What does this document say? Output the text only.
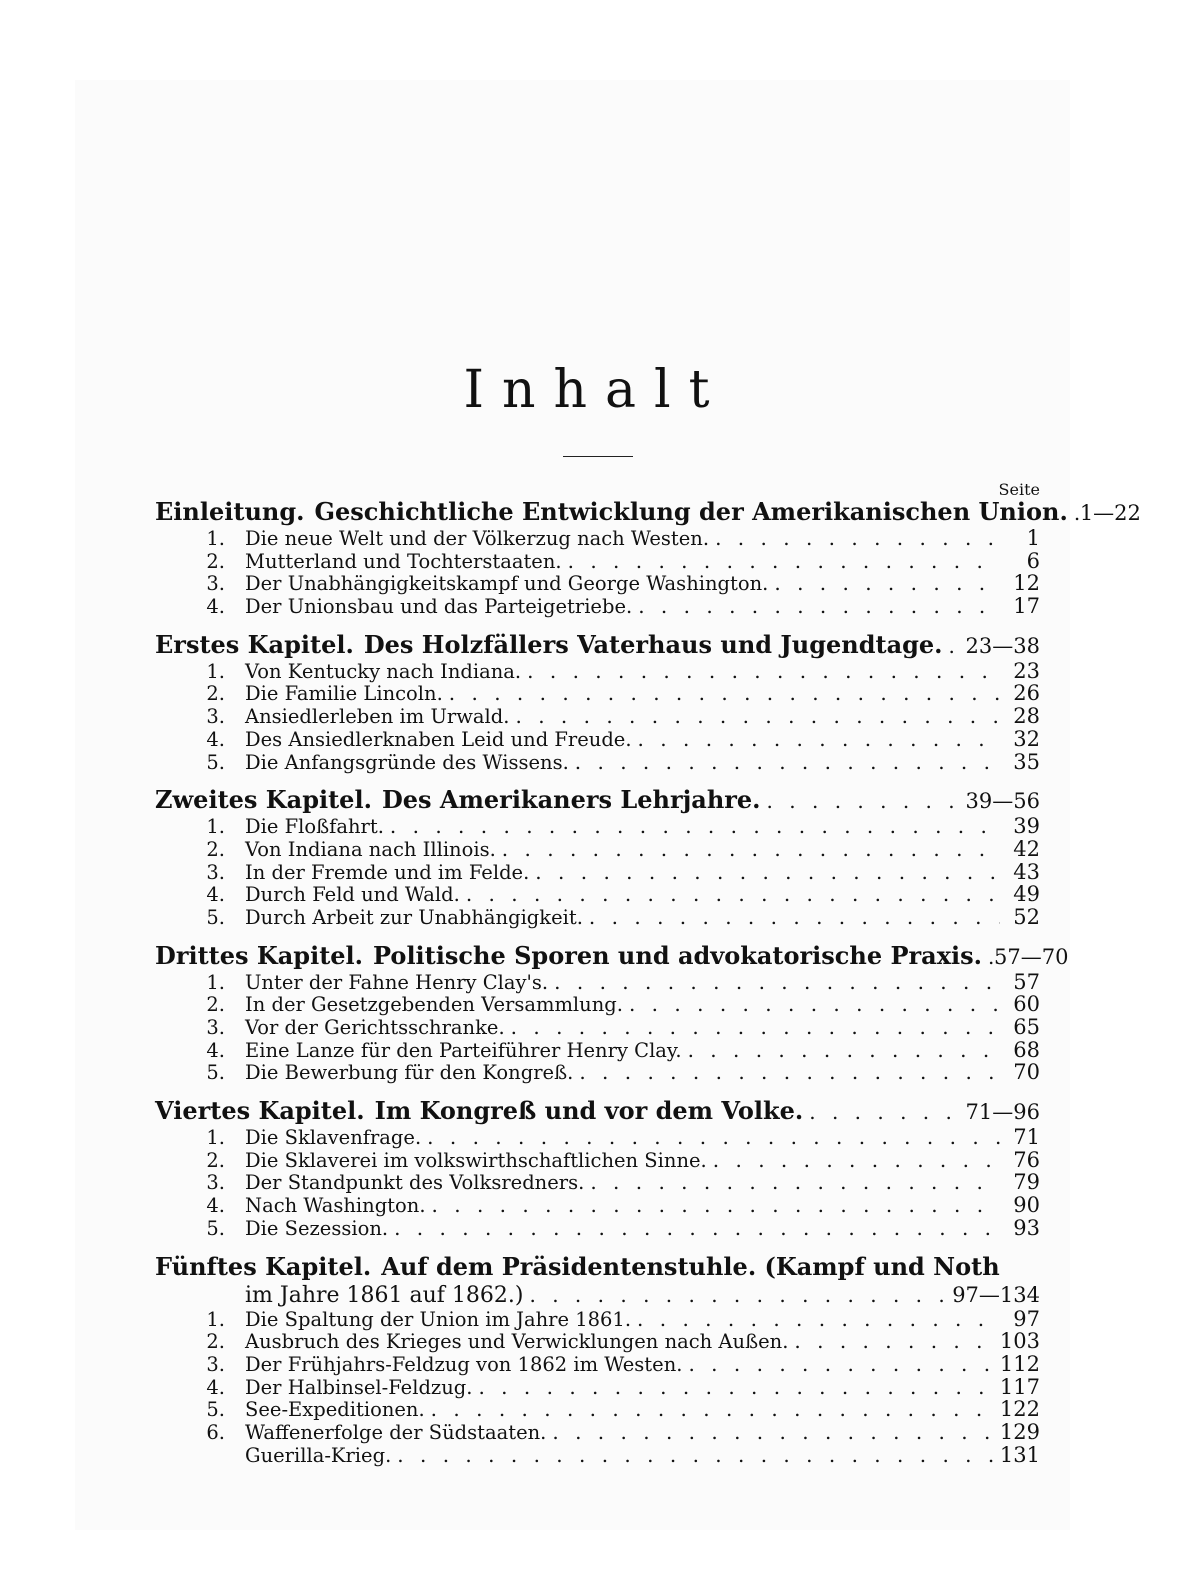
Inhalt
Seite
Einleitung. Geschichtliche Entwicklung der Amerikanischen Union. . . . 1—22
1.	Die neue Welt und der Völkerzug nach Westen. . . .	1
2.	Mutterland und Tochterstaaten. . . .	6
3.	Der Unabhängigkeitskampf und George Washington. . . .	12
4.	Der Unionsbau und das Parteigetriebe. . . .	17
Erstes Kapitel. Des Holzfällers Vaterhaus und Jugendtage. . . . 23—38
1.	Von Kentucky nach Indiana. . . .	23
2.	Die Familie Lincoln. . . .	26
3.	Ansiedlerleben im Urwald. . . .	28
4.	Des Ansiedlerknaben Leid und Freude. . . .	32
5.	Die Anfangsgründe des Wissens. . . .	35
Zweites Kapitel. Des Amerikaners Lehrjahre. . . .	39—56
1.	Die Floßfahrt. . . .	39
2.	Von Indiana nach Illinois. . . .	42
3.	In der Fremde und im Felde. . . .	43
4.	Durch Feld und Wald. . . .	49
5.	Durch Arbeit zur Unabhängigkeit. . . .	52
Drittes Kapitel. Politische Sporen und advokatorische Praxis. . . . 57—70
1.	Unter der Fahne Henry Clay's. . . .	57
2.	In der Gesetzgebenden Versammlung. . . .	60
3.	Vor der Gerichtsschranke. . . .	65
4.	Eine Lanze für den Parteiführer Henry Clay. . . .	68
5.	Die Bewerbung für den Kongreß. . . .	70
Viertes Kapitel. Im Kongreß und vor dem Volke. . . .	71—96
1.	Die Sklavenfrage. . . .	71
2.	Die Sklaverei im volkswirthschaftlichen Sinne. . . .	76
3.	Der Standpunkt des Volksredners. . . .	79
4.	Nach Washington. . . .	90
5.	Die Sezession. . . .	93
Fünftes Kapitel. Auf dem Präsidentenstuhle. (Kampf und Noth
im Jahre 1861 auf 1862.) . . .	97—134
1.	Die Spaltung der Union im Jahre 1861. . . .	97
2.	Ausbruch des Krieges und Verwicklungen nach Außen. . . .	103
3.	Der Frühjahrs-Feldzug von 1862 im Westen. . . .	112
4.	Der Halbinsel-Feldzug. . . .	117
5.	See-Expeditionen. . . .	122
6.	Waffenerfolge der Südstaaten. . . .	129
Guerilla-Krieg. . . .	131
